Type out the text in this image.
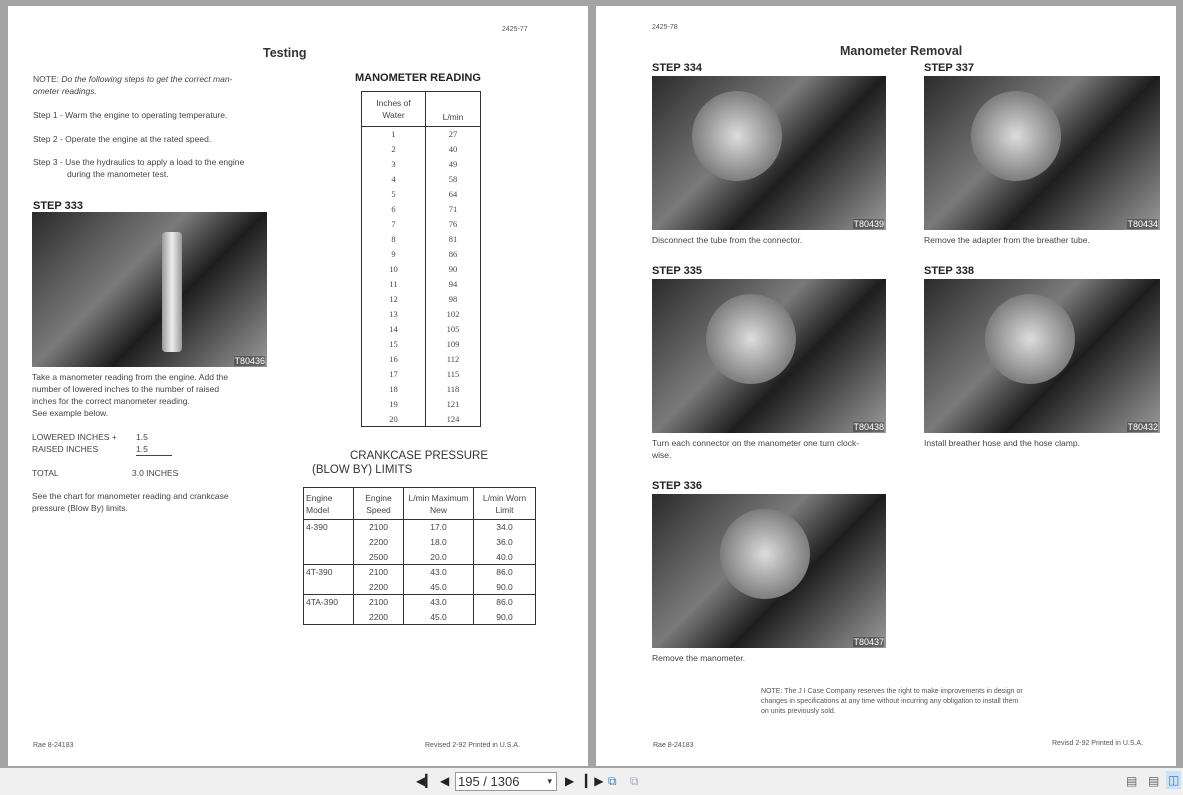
2425-77
Testing
NOTE: Do the following steps to get the correct man-
ometer readings.
Step 1 - Warm the engine to operating temperature.
Step 2 - Operate the engine at the rated speed.
Step 3 - Use the hydraulics to apply a load to the engine
during the manometer test.
STEP 333
T80436
Take a manometer reading from the engine. Add the
number of lowered inches to the number of raised
inches for the correct manometer reading.
See example below.
LOWERED INCHES + 1.5
RAISED INCHES	1.5
TOTAL	3.0 INCHES
See the chart for manometer reading and crankcase
pressure (Blow By) limits.
MANOMETER READING
Inches of Water	L/min
1	27
2	40
3	49
4	58
5	64
6	71
7	76
8	81
9	86
10	90
11	94
12	98
13	102
14	105
15	109
16	112
17	115
18	118
19	121
20	124
CRANKCASE PRESSURE
(BLOW BY) LIMITS
Engine Model	Engine Speed	L/min Maximum New	L/min Worn Limit
4-390	2100	17.0	34.0
	2200	18.0	36.0
	2500	20.0	40.0
4T-390	2100	43.0	86.0
	2200	45.0	90.0
4TA-390	2100	43.0	86.0
	2200	45.0	90.0
Rae 8-24183	Revised 2-92 Printed in U.S.A.
2425-78
Manometer Removal
STEP 334
T80439
Disconnect the tube from the connector.
STEP 337
T80434
Remove the adapter from the breather tube.
STEP 335
T80438
Turn each connector on the manometer one turn clock-
wise.
STEP 338
T80432
Install breather hose and the hose clamp.
STEP 336
T80437
Remove the manometer.
NOTE: The J I Case Company reserves the right to make improvements in design or
changes in specifications at any time without incurring any obligation to install them
on units previously sold.
Rae 8-24183	Revisd 2-92 Printed in U.S.A.
◀▎ ◀ 195 / 1306	▾ ▶ ▎▶ ⧉ ⧉	▤ ▤ ◫
